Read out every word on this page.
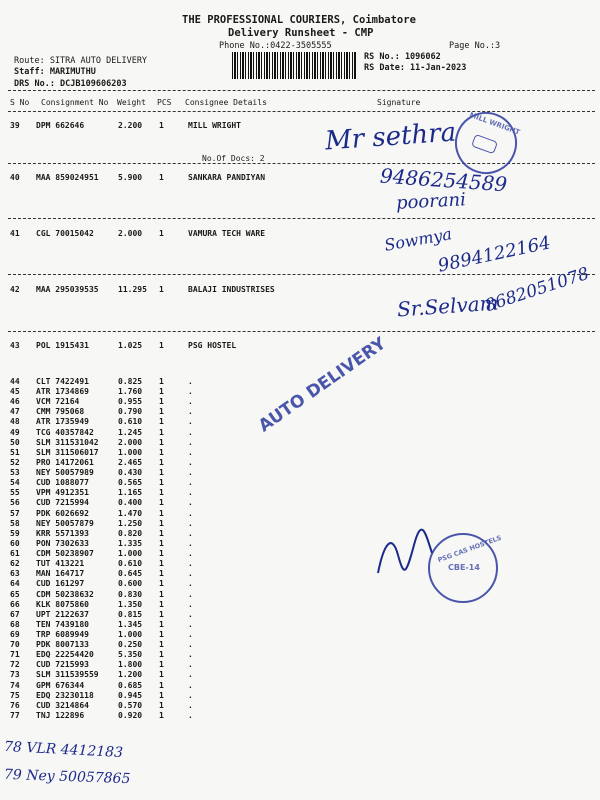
THE PROFESSIONAL COURIERS, Coimbatore
Delivery Runsheet - CMP
Phone No.:0422-3505555	Page No.:3
Route: SITRA AUTO DELIVERY
Staff: MARIMUTHU
DRS No.: DCJB109606203
RS No.: 1096062
RS Date: 11-Jan-2023
S No Consignment No Weight PCS Consignee Details	Signature
39 DPM 662646	2.200 1	MILL WRIGHT
No.Of Docs: 2
40 MAA 859024951 5.900 1	SANKARA PANDIYAN
41 CGL 70015042	2.000 1	VAMURA TECH WARE
42 MAA 295039535 11.295 1	BALAJI INDUSTRISES
43 POL 1915431	1.025 1	PSG HOSTEL
44 CLT 7422491	0.825 1	.
45 ATR 1734869	1.760 1	.
46 VCM 72164	0.955 1	.
47 CMM 795068	0.790 1	.
48 ATR 1735949	0.610 1	.
49 TCG 40357842	1.245 1	.
50 SLM 311531042 2.000 1	.
51 SLM 311506017 1.000 1	.
52 PRO 14172061	2.465 1	.
53 NEY 50057989	0.430 1	.
54 CUD 1088077	0.565 1	.
55 VPM 4912351	1.165 1	.
56 CUD 7215994	0.400 1	.
57 PDK 6026692	1.470 1	.
58 NEY 50057879	1.250 1	.
59 KRR 5571393	0.820 1	.
60 PON 7302633	1.335 1	.
61 CDM 50238907	1.000 1	.
62 TUT 413221	0.610 1	.
63 MAN 164717	0.645 1	.
64 CUD 161297	0.600 1	.
65 CDM 50238632	0.830 1	.
66 KLK 8075860	1.350 1	.
67 UPT 2122637	0.815 1	.
68 TEN 7439180	1.345 1	.
69 TRP 6089949	1.000 1	.
70 PDK 8007133	0.250 1	.
71 EDQ 22254420	5.350 1	.
72 CUD 7215993	1.800 1	.
73 SLM 311539559 1.200 1	.
74 GPM 676344	0.685 1	.
75 EDQ 23230118	0.945 1	.
76 CUD 3214864	0.570 1	.
77 TNJ 122896	0.920 1	.
Mr sethra
9486254589
poorani
Sowmya
9894122164
Sr.Selvam
8682051078
78 VLR 4412183
79 Ney 50057865
MILL WRIGHT
AUTO DELIVERY
PSG CAS HOSTELS
CBE-14
